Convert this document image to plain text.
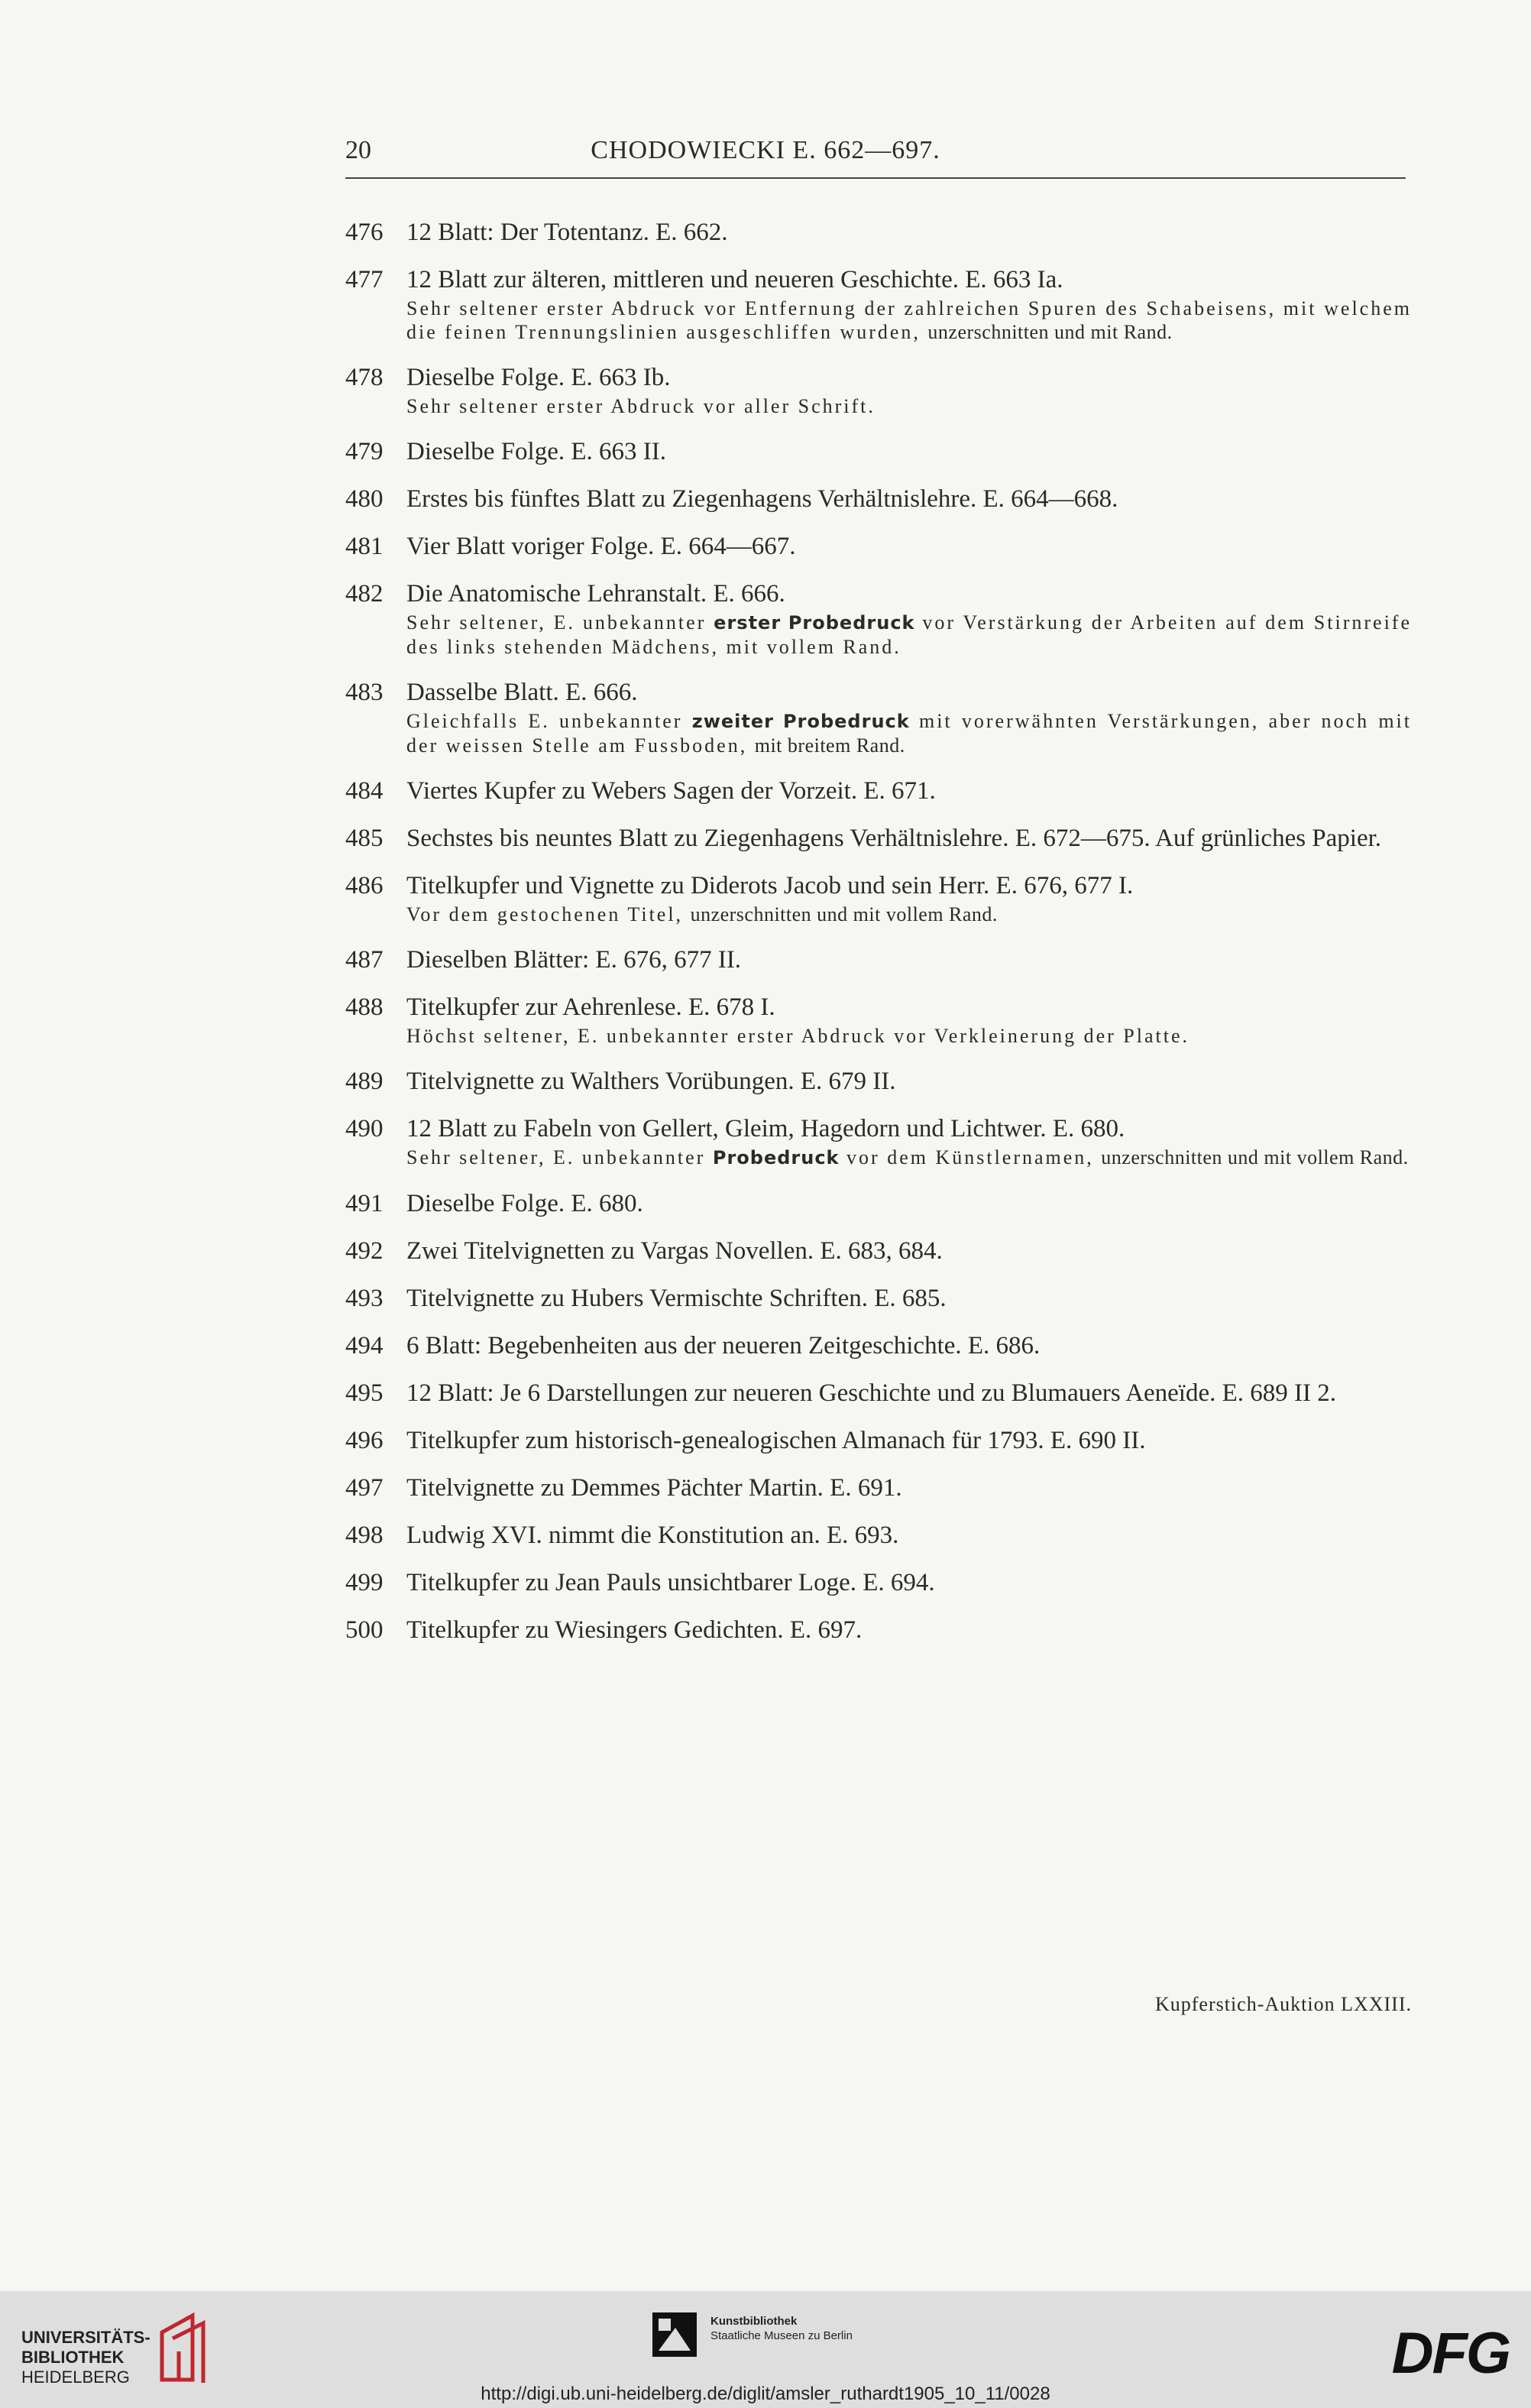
20	CHODOWIECKI E. 662—697.
476 12 Blatt: Der Totentanz. E. 662.
477 12 Blatt zur älteren, mittleren und neueren Geschichte. E. 663 Ia.
Sehr seltener erster Abdruck vor Entfernung der zahlreichen Spuren des Schabeisens, mit welchem die feinen Trennungslinien ausgeschliffen wurden, unzerschnitten und mit Rand.
478 Dieselbe Folge. E. 663 Ib.
Sehr seltener erster Abdruck vor aller Schrift.
479 Dieselbe Folge. E. 663 II.
480 Erstes bis fünftes Blatt zu Ziegenhagens Verhältnislehre. E. 664—668.
481 Vier Blatt voriger Folge. E. 664—667.
482 Die Anatomische Lehranstalt. E. 666.
Sehr seltener, E. unbekannter erster Probedruck vor Verstärkung der Arbeiten auf dem Stirnreife des links stehenden Mädchens, mit vollem Rand.
483 Dasselbe Blatt. E. 666.
Gleichfalls E. unbekannter zweiter Probedruck mit vorerwähnten Verstärkungen, aber noch mit der weissen Stelle am Fussboden, mit breitem Rand.
484 Viertes Kupfer zu Webers Sagen der Vorzeit. E. 671.
485 Sechstes bis neuntes Blatt zu Ziegenhagens Verhältnislehre. E. 672—675. Auf grünliches Papier.
486 Titelkupfer und Vignette zu Diderots Jacob und sein Herr. E. 676, 677 I.
Vor dem gestochenen Titel, unzerschnitten und mit vollem Rand.
487 Dieselben Blätter: E. 676, 677 II.
488 Titelkupfer zur Aehrenlese. E. 678 I.
Höchst seltener, E. unbekannter erster Abdruck vor Verkleinerung der Platte.
489 Titelvignette zu Walthers Vorübungen. E. 679 II.
490 12 Blatt zu Fabeln von Gellert, Gleim, Hagedorn und Lichtwer. E. 680.
Sehr seltener, E. unbekannter Probedruck vor dem Künstlernamen, unzerschnitten und mit vollem Rand.
491 Dieselbe Folge. E. 680.
492 Zwei Titelvignetten zu Vargas Novellen. E. 683, 684.
493 Titelvignette zu Hubers Vermischte Schriften. E. 685.
494 6 Blatt: Begebenheiten aus der neueren Zeitgeschichte. E. 686.
495 12 Blatt: Je 6 Darstellungen zur neueren Geschichte und zu Blumauers Aeneïde. E. 689 II 2.
496 Titelkupfer zum historisch-genealogischen Almanach für 1793. E. 690 II.
497 Titelvignette zu Demmes Pächter Martin. E. 691.
498 Ludwig XVI. nimmt die Konstitution an. E. 693.
499 Titelkupfer zu Jean Pauls unsichtbarer Loge. E. 694.
500 Titelkupfer zu Wiesingers Gedichten. E. 697.
Kupferstich-Auktion LXXIII.
UNIVERSITÄTS-
BIBLIOTHEK
HEIDELBERG
Kunstbibliothek
Staatliche Museen zu Berlin	DFG
http://digi.ub.uni-heidelberg.de/diglit/amsler_ruthardt1905_10_11/0028
